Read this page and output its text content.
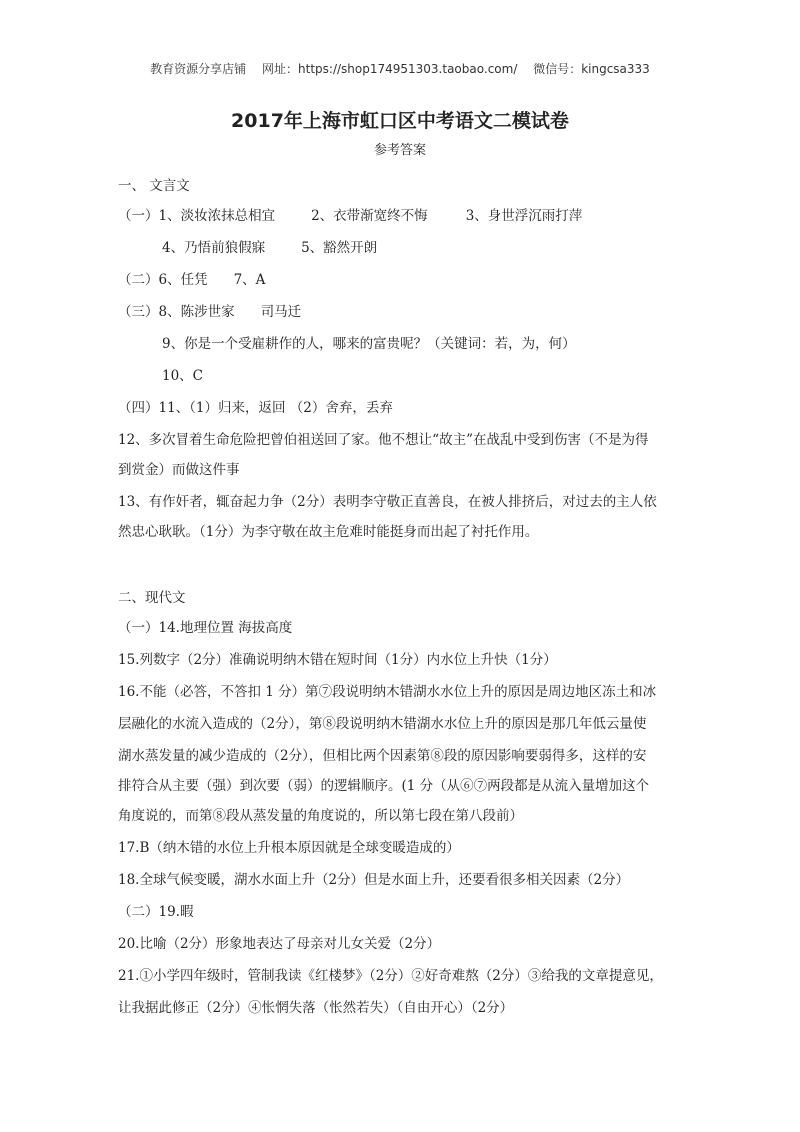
教育资源分享店铺 网址：https://shop174951303.taobao.com/ 微信号：kingcsa333
2017年上海市虹口区中考语文二模试卷
参考答案
一、 文言文
（一）1、淡妆浓抹总相宜	2、衣带渐宽终不悔	3、身世浮沉雨打萍
4、乃悟前狼假寐	5、豁然开朗
（二）6、任凭 7、A
（三）8、陈涉世家 司马迁
9、你是一个受雇耕作的人，哪来的富贵呢？（关键词：若，为，何）
10、C
（四）11、（1）归来，返回 （2）舍弃，丢弃
12、多次冒着生命危险把曾伯祖送回了家。他不想让“故主”在战乱中受到伤害（不是为得
到赏金）而做这件事
13、有作奸者，辄奋起力争（2分）表明李守敬正直善良，在被人排挤后，对过去的主人依
然忠心耿耿。（1分）为李守敬在故主危难时能挺身而出起了衬托作用。
二、现代文
（一）14.地理位置 海拔高度
15.列数字（2分）准确说明纳木错在短时间（1分）内水位上升快（1分）
16.不能（必答，不答扣 1 分）第⑦段说明纳木错湖水水位上升的原因是周边地区冻土和冰
层融化的水流入造成的（2分），第⑧段说明纳木错湖水水位上升的原因是那几年低云量使
湖水蒸发量的减少造成的（2分），但相比两个因素第⑧段的原因影响要弱得多，这样的安
排符合从主要（强）到次要（弱）的逻辑顺序。(1 分（从⑥⑦两段都是从流入量增加这个
角度说的，而第⑧段从蒸发量的角度说的，所以第七段在第八段前）
17.B（纳木错的水位上升根本原因就是全球变暖造成的）
18.全球气候变暖，湖水水面上升（2分）但是水面上升，还要看很多相关因素（2分）
（二）19.暇
20.比喻（2分）形象地表达了母亲对儿女关爱（2分）
21.①小学四年级时，管制我读《红楼梦》（2分）②好奇难熬（2分）③给我的文章提意见，
让我据此修正（2分）④怅惘失落（怅然若失）（自由开心）（2分）
